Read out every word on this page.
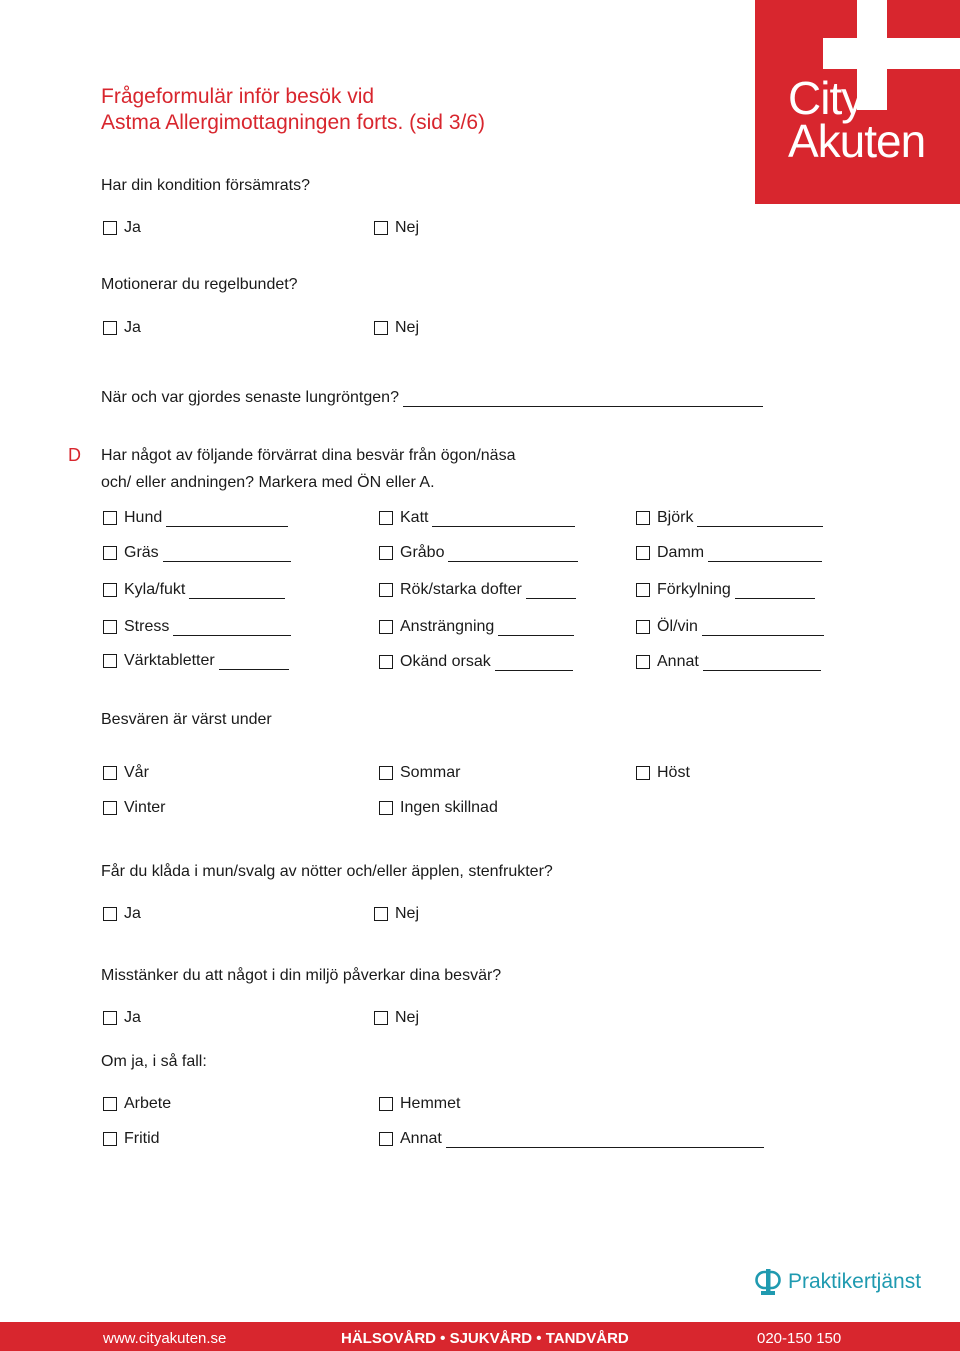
Frågeformulär inför besök vid
Astma Allergimottagningen forts. (sid 3/6)	City
Akuten
Har din kondition försämrats?
Ja	Nej
Motionerar du regelbundet?
Ja	Nej
När och var gjordes senaste lungröntgen?
D Har något av följande förvärrat dina besvär från ögon/näsa
och/ eller andningen? Markera med ÖN eller A.
Hund	Katt	Björk
Gräs	Gråbo	Damm
Kyla/fukt	Rök/starka dofter	Förkylning
Stress	Ansträngning	Öl/vin
Värktabletter	Okänd orsak	Annat
Besvären är värst under
Vår	Sommar	Höst
Vinter	Ingen skillnad
Får du klåda i mun/svalg av nötter och/eller äpplen, stenfrukter?
Ja	Nej
Misstänker du att något i din miljö påverkar dina besvär?
Ja	Nej
Om ja, i så fall:
Arbete	Hemmet
Fritid	Annat
Praktikertjänst
www.cityakuten.se	HÄLSOVÅRD • SJUKVÅRD • TANDVÅRD	020-150 150
